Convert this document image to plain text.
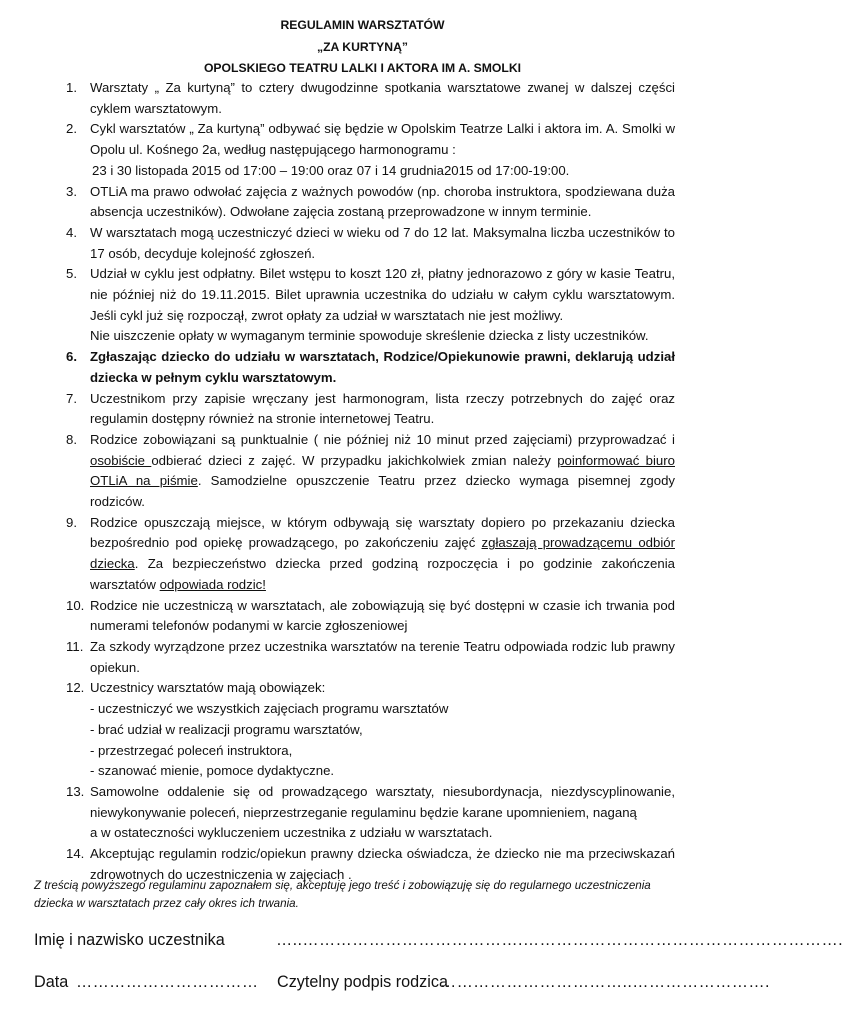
REGULAMIN WARSZTATÓW
„ZA KURTYNĄ”
OPOLSKIEGO TEATRU LALKI I AKTORA IM A. SMOLKI
1. Warsztaty „ Za kurtyną” to cztery dwugodzinne spotkania warsztatowe zwanej w dalszej części cyklem warsztatowym.
2. Cykl warsztatów „ Za kurtyną” odbywać się będzie w Opolskim Teatrze Lalki i aktora im. A. Smolki w Opolu ul. Kośnego 2a, według następującego harmonogramu :
23 i 30 listopada 2015 od 17:00 – 19:00 oraz 07 i 14 grudnia2015 od 17:00-19:00.
3. OTLiA ma prawo odwołać zajęcia z ważnych powodów (np. choroba instruktora, spodziewana duża absencja uczestników). Odwołane zajęcia zostaną przeprowadzone w innym terminie.
4. W warsztatach mogą uczestniczyć dzieci w wieku od 7 do 12 lat. Maksymalna liczba uczestników to 17 osób, decyduje kolejność zgłoszeń.
5. Udział w cyklu jest odpłatny. Bilet wstępu to koszt 120 zł, płatny jednorazowo z góry w kasie Teatru, nie później niż do 19.11.2015. Bilet uprawnia uczestnika do udziału w całym cyklu warsztatowym. Jeśli cykl już się rozpoczął, zwrot opłaty za udział w warsztatach nie jest możliwy.
Nie uiszczenie opłaty w wymaganym terminie spowoduje skreślenie dziecka z listy uczestników.
6. Zgłaszając dziecko do udziału w warsztatach, Rodzice/Opiekunowie prawni, deklarują udział dziecka w pełnym cyklu warsztatowym.
7. Uczestnikom przy zapisie wręczany jest harmonogram, lista rzeczy potrzebnych do zajęć oraz regulamin dostępny również na stronie internetowej Teatru.
8. Rodzice zobowiązani są punktualnie ( nie później niż 10 minut przed zajęciami) przyprowadzać i osobiście odbierać dzieci z zajęć. W przypadku jakichkolwiek zmian należy poinformować biuro OTLiA na piśmie. Samodzielne opuszczenie Teatru przez dziecko wymaga pisemnej zgody rodziców.
9. Rodzice opuszczają miejsce, w którym odbywają się warsztaty dopiero po przekazaniu dziecka bezpośrednio pod opiekę prowadzącego, po zakończeniu zajęć zgłaszają prowadzącemu odbiór dziecka. Za bezpieczeństwo dziecka przed godziną rozpoczęcia i po godzinie zakończenia warsztatów odpowiada rodzic!
10. Rodzice nie uczestniczą w warsztatach, ale zobowiązują się być dostępni w czasie ich trwania pod numerami telefonów podanymi w karcie zgłoszeniowej
11. Za szkody wyrządzone przez uczestnika warsztatów na terenie Teatru odpowiada rodzic lub prawny opiekun.
12. Uczestnicy warsztatów mają obowiązek:
- uczestniczyć we wszystkich zajęciach programu warsztatów
- brać udział w realizacji programu warsztatów,
- przestrzegać poleceń instruktora,
- szanować mienie, pomoce dydaktyczne.
13. Samowolne oddalenie się od prowadzącego warsztaty, niesubordynacja, niezdyscyplinowanie, niewykonywanie poleceń, nieprzestrzeganie regulaminu będzie karane upomnieniem, naganą
a w ostateczności wykluczeniem uczestnika z udziału w warsztatach.
14. Akceptując regulamin rodzic/opiekun prawny dziecka oświadcza, że dziecko nie ma przeciwskazań zdrowotnych do uczestniczenia w zajęciach .
Z treścią powyższego regulaminu zapoznałem się, akceptuję jego treść i zobowiązuję się do regularnego uczestniczenia dziecka w warsztatach przez cały okres ich trwania.
Imię i nazwisko uczestnika	…..………………………………….………………………………………………….
Data …………………………… Czytelny podpis rodzica
……………………………..…………………….
